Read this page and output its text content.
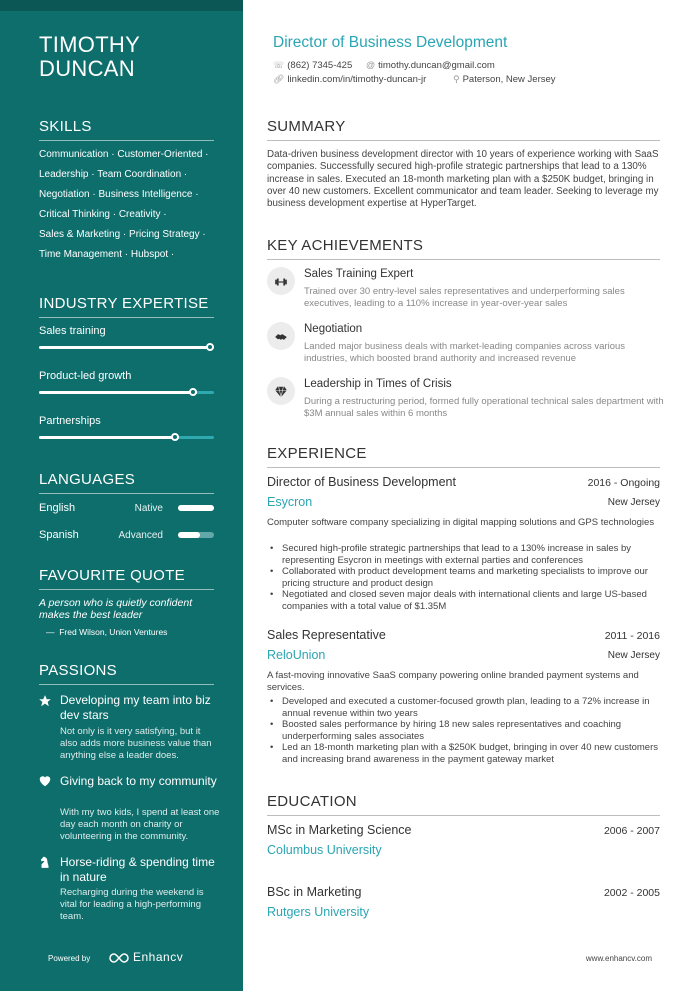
TIMOTHY
DUNCAN
SKILLS
Communication · Customer-Oriented ·
Leadership · Team Coordination ·
Negotiation · Business Intelligence ·
Critical Thinking · Creativity ·
Sales & Marketing · Pricing Strategy ·
Time Management · Hubspot ·
INDUSTRY EXPERTISE
Sales training
Product-led growth
Partnerships
LANGUAGES
English	Native
Spanish	Advanced
FAVOURITE QUOTE
A person who is quietly confident makes the best leader
—  Fred Wilson, Union Ventures
PASSIONS
Developing my team into biz dev stars
Not only is it very satisfying, but it also adds more business value than anything else a leader does.
Giving back to my community
With my two kids, I spend at least one day each month on charity or volunteering in the community.
Horse-riding & spending time in nature
Recharging during the weekend is vital for leading a high-performing team.
Powered by	Enhancv
Director of Business Development
☏ (862) 7345-425 @ timothy.duncan@gmail.com
🔗︎ linkedin.com/in/timothy-duncan-jr	⚲ Paterson, New Jersey
SUMMARY
Data-driven business development director with 10 years of experience working with SaaS companies. Successfully secured high-profile strategic partnerships that lead to a 130% increase in sales. Executed an 18-month marketing plan with a $250K budget, bringing in over 40 new customers. Excellent communicator and team leader. Seeking to leverage my business development expertise at HyperTarget.
KEY ACHIEVEMENTS
Sales Training Expert
Trained over 30 entry-level sales representatives and underperforming sales executives, leading to a 110% increase in year-over-year sales
Negotiation
Landed major business deals with market-leading companies across various industries, which boosted brand authority and increased revenue
Leadership in Times of Crisis
During a restructuring period, formed fully operational technical sales department with $3M annual sales within 6 months
EXPERIENCE
Director of Business Development	2016 - Ongoing
Esycron	New Jersey
Computer software company specializing in digital mapping solutions and GPS technologies
• Secured high-profile strategic partnerships that lead to a 130% increase in sales by representing Esycron in meetings with external parties and conferences
• Collaborated with product development teams and marketing specialists to improve our pricing structure and product design
• Negotiated and closed seven major deals with international clients and large US-based companies with a total value of $1.35M
Sales Representative	2011 - 2016
ReloUnion	New Jersey
A fast-moving innovative SaaS company powering online branded payment systems and services.
• Developed and executed a customer-focused growth plan, leading to a 72% increase in annual revenue within two years
• Boosted sales performance by hiring 18 new sales representatives and coaching underperforming sales associates
• Led an 18-month marketing plan with a $250K budget, bringing in over 40 new customers and increasing brand awareness in the payment gateway market
EDUCATION
MSc in Marketing Science	2006 - 2007
Columbus University
BSc in Marketing	2002 - 2005
Rutgers University
www.enhancv.com
